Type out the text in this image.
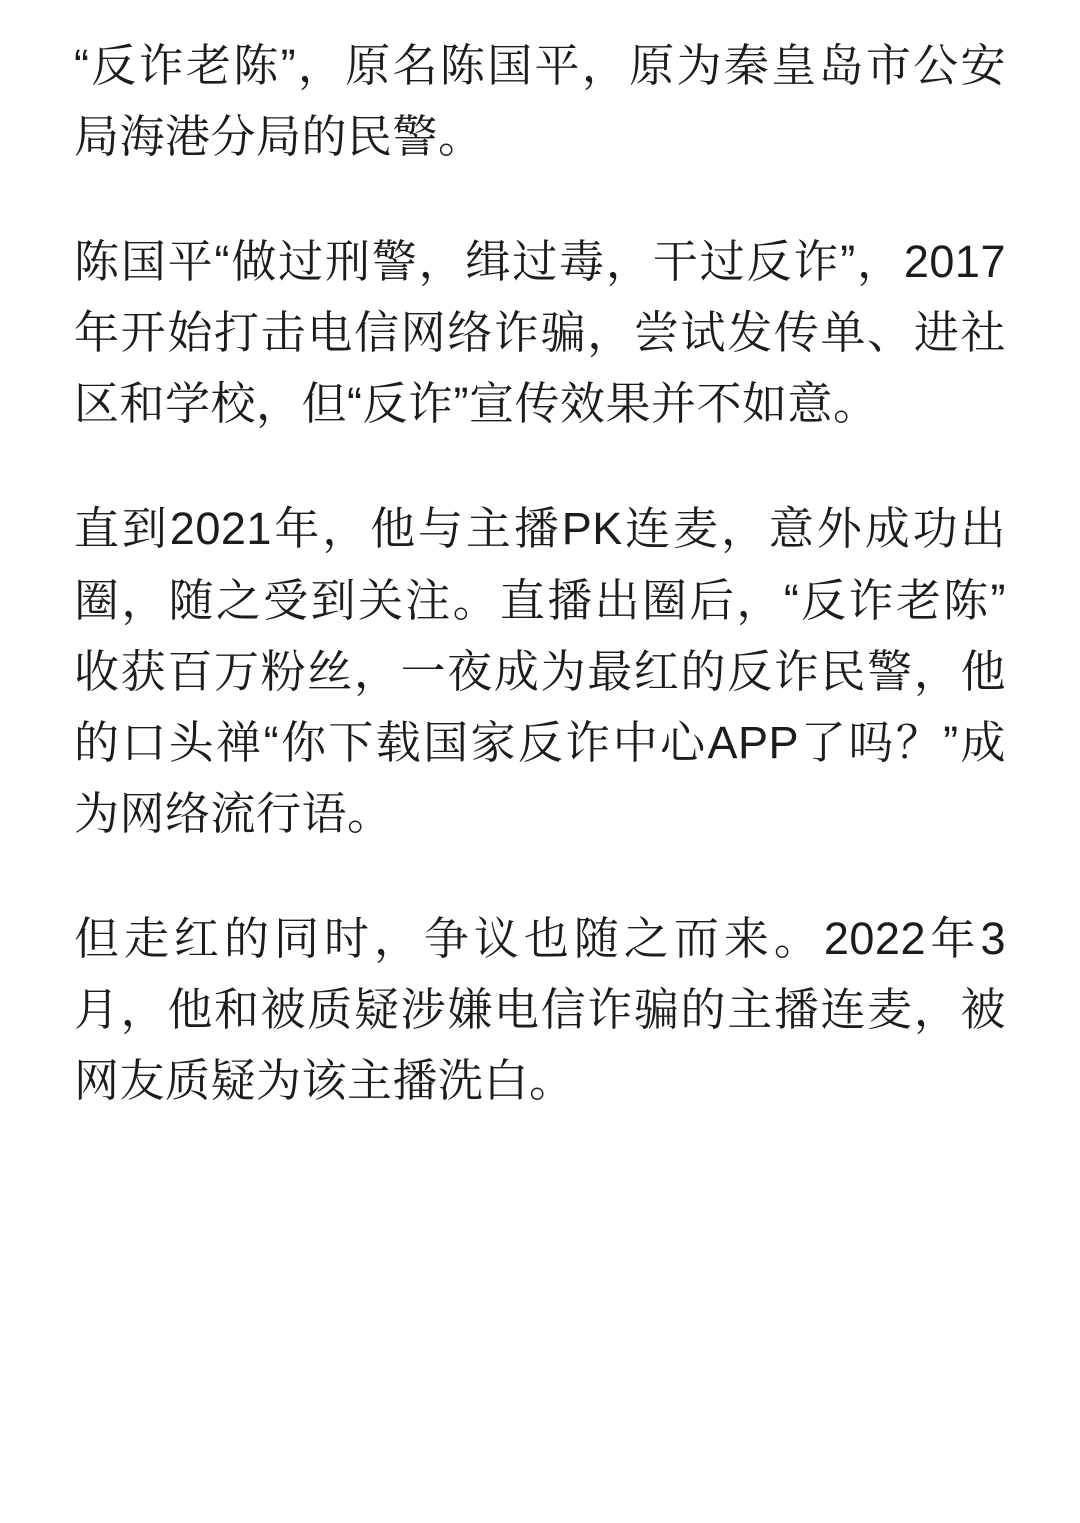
“反诈老陈”，原名陈国平，原为秦皇岛市公安局海港分局的民警。

陈国平“做过刑警，缉过毒，干过反诈”，2017年开始打击电信网络诈骗，尝试发传单、进社区和学校，但“反诈”宣传效果并不如意。

直到2021年，他与主播PK连麦，意外成功出圈，随之受到关注。直播出圈后，“反诈老陈”收获百万粉丝，一夜成为最红的反诈民警，他的口头禅“你下载国家反诈中心APP了吗？”成为网络流行语。

但走红的同时，争议也随之而来。2022年3月，他和被质疑涉嫌电信诈骗的主播连麦，被网友质疑为该主播洗白。
